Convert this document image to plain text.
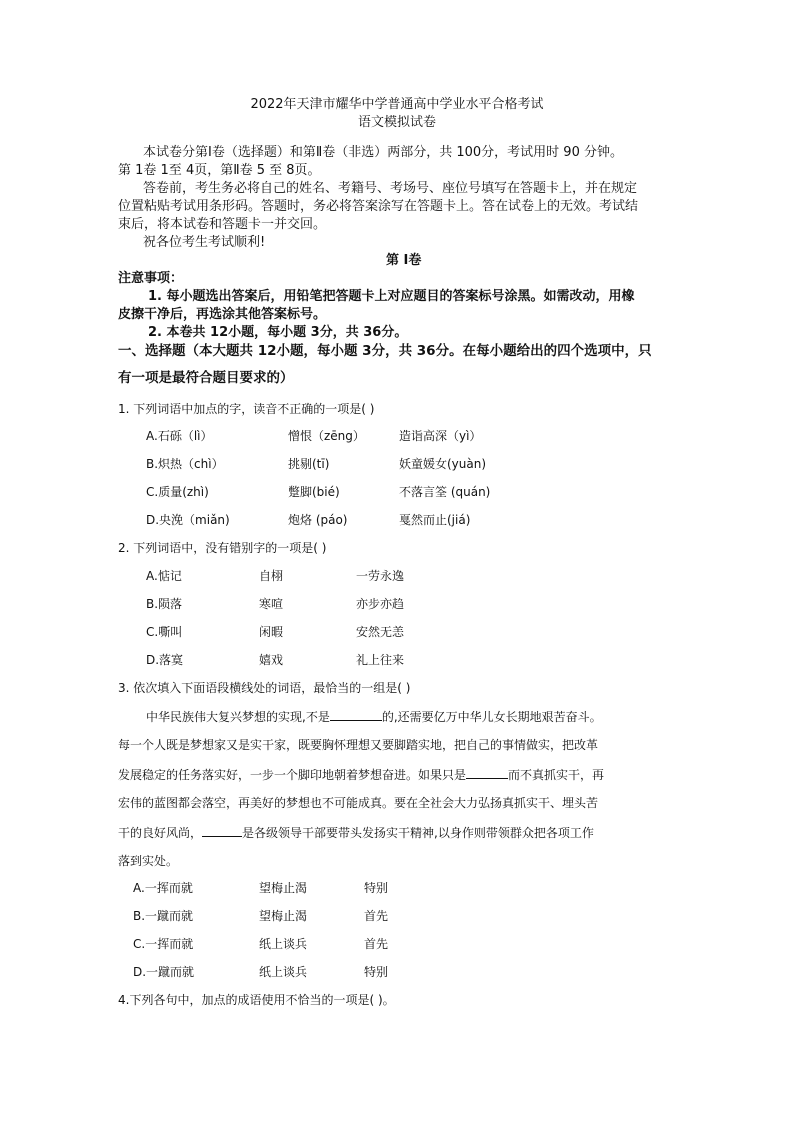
2022年天津市耀华中学普通高中学业水平合格考试
语文模拟试卷
本试卷分第Ⅰ卷（选择题）和第Ⅱ卷（非选）两部分，共 100分，考试用时 90 分钟。
第 1卷 1至 4页，第Ⅱ卷 5 至 8页。
答卷前，考生务必将自己的姓名、考籍号、考场号、座位号填写在答题卡上，并在规定
位置粘贴考试用条形码。答题时，务必将答案涂写在答题卡上。答在试卷上的无效。考试结
束后，将本试卷和答题卡一并交回。
祝各位考生考试顺利!
第 I卷
注意事项：
1. 每小题选出答案后，用铅笔把答题卡上对应题目的答案标号涂黑。如需改动，用橡
皮擦干净后，再选涂其他答案标号。
2. 本卷共 12小题，每小题 3分，共 36分。
一、选择题（本大题共 12小题，每小题 3分，共 36分。在每小题给出的四个选项中，只
有一项是最符合题目要求的）
1. 下列词语中加点的字，读音不正确的一项是( )
A.石砾（lì）	憎恨（zēng）	造诣高深（yì）
B.炽热（chì）	挑剔(tī)	妖童媛女(yuàn)
C.质量(zhì)	蹩脚(bié)	不落言筌 (quán)
D.央浼（miǎn)	炮烙 (páo)	戛然而止(jiá)
2. 下列词语中，没有错别字的一项是( )
A.惦记	自栩	一劳永逸
B.陨落	寒喧	亦步亦趋
C.嘶叫	闲暇	安然无恙
D.落寞	嬉戏	礼上往来
3. 依次填入下面语段横线处的词语，最恰当的一组是( )
中华民族伟大复兴梦想的实现,不是	的,还需要亿万中华儿女长期地艰苦奋斗。
每一个人既是梦想家又是实干家，既要胸怀理想又要脚踏实地，把自己的事情做实，把改革
发展稳定的任务落实好，一步一个脚印地朝着梦想奋进。如果只是	而不真抓实干，再
宏伟的蓝图都会落空，再美好的梦想也不可能成真。要在全社会大力弘扬真抓实干、埋头苦
干的良好风尚，	是各级领导干部要带头发扬实干精神,以身作则带领群众把各项工作
落到实处。
A.一挥而就	望梅止渴	特别
B.一蹴而就	望梅止渴	首先
C.一挥而就	纸上谈兵	首先
D.一蹴而就	纸上谈兵	特别
4.下列各句中，加点的成语使用不恰当的一项是( )。
